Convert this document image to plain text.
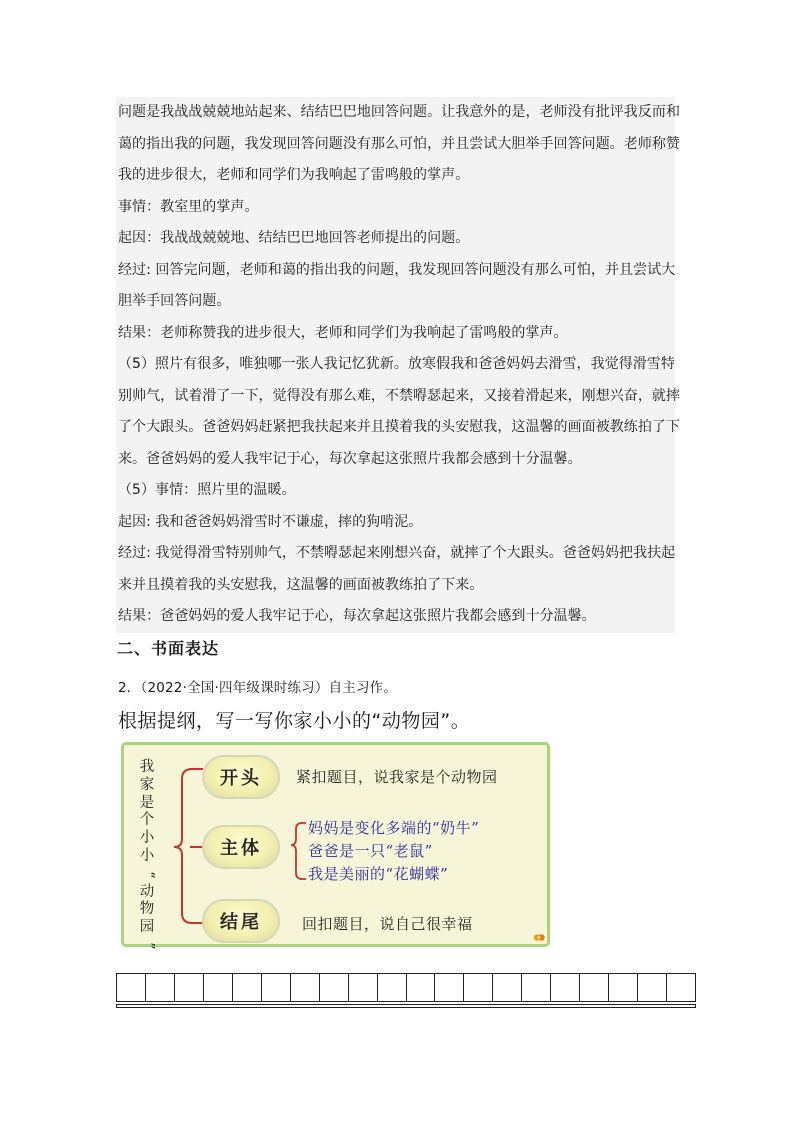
问题是我战战兢兢地站起来、结结巴巴地回答问题。让我意外的是，老师没有批评我反而和
蔼的指出我的问题，我发现回答问题没有那么可怕，并且尝试大胆举手回答问题。老师称赞
我的进步很大，老师和同学们为我响起了雷鸣般的掌声。
事情：教室里的掌声。
起因：我战战兢兢地、结结巴巴地回答老师提出的问题。
经过: 回答完问题，老师和蔼的指出我的问题，我发现回答问题没有那么可怕，并且尝试大
胆举手回答问题。
结果：老师称赞我的进步很大，老师和同学们为我响起了雷鸣般的掌声。
（5）照片有很多，唯独哪一张人我记忆犹新。放寒假我和爸爸妈妈去滑雪，我觉得滑雪特
别帅气，试着滑了一下，觉得没有那么难，不禁嘚瑟起来，又接着滑起来，刚想兴奋，就摔
了个大跟头。爸爸妈妈赶紧把我扶起来并且摸着我的头安慰我，这温馨的画面被教练拍了下
来。爸爸妈妈的爱人我牢记于心，每次拿起这张照片我都会感到十分温馨。
（5）事情：照片里的温暖。
起因: 我和爸爸妈妈滑雪时不谦虚，摔的狗啃泥。
经过: 我觉得滑雪特别帅气，不禁嘚瑟起来刚想兴奋，就摔了个大跟头。爸爸妈妈把我扶起
来并且摸着我的头安慰我，这温馨的画面被教练拍了下来。
结果：爸爸妈妈的爱人我牢记于心，每次拿起这张照片我都会感到十分温馨。
二、书面表达
2．（2022·全国·四年级课时练习）自主习作。
根据提纲，写一写你家小小的“动物园”。
我
家
是
个
小
小
“
动
物
园
”
开头	紧扣题目，说我家是个动物园
主体
妈妈是变化多端的“奶牛”
爸爸是一只“老鼠”
我是美丽的“花蝴蝶”
结尾	回扣题目，说自己很幸福
